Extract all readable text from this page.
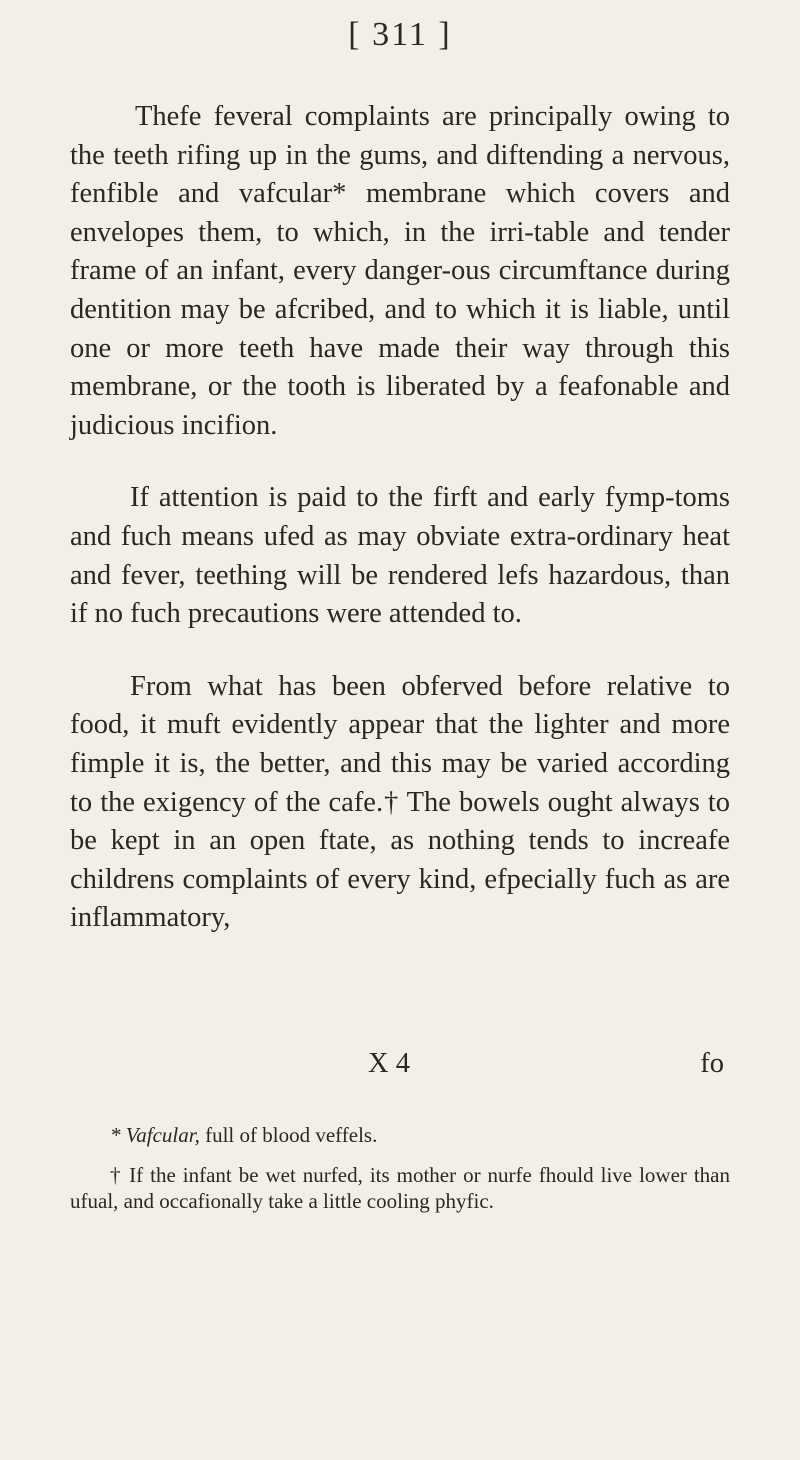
[ 311 ]

Thefe feveral complaints are principally owing to the teeth rifing up in the gums, and diftending a nervous, fenfible and vafcular* membrane which covers and envelopes them, to which, in the irri-table and tender frame of an infant, every danger-ous circumftance during dentition may be afcribed, and to which it is liable, until one or more teeth have made their way through this membrane, or the tooth is liberated by a feafonable and judicious incifion.

If attention is paid to the firft and early fymp-toms and fuch means ufed as may obviate extra-ordinary heat and fever, teething will be rendered lefs hazardous, than if no fuch precautions were attended to.

From what has been obferved before relative to food, it muft evidently appear that the lighter and more fimple it is, the better, and this may be varied according to the exigency of the cafe.† The bowels ought always to be kept in an open ftate, as nothing tends to increafe childrens complaints of every kind, efpecially fuch as are inflammatory,

X 4	fo

* Vafcular, full of blood veffels.

† If the infant be wet nurfed, its mother or nurfe fhould live lower than ufual, and occafionally take a little cooling phyfic.
